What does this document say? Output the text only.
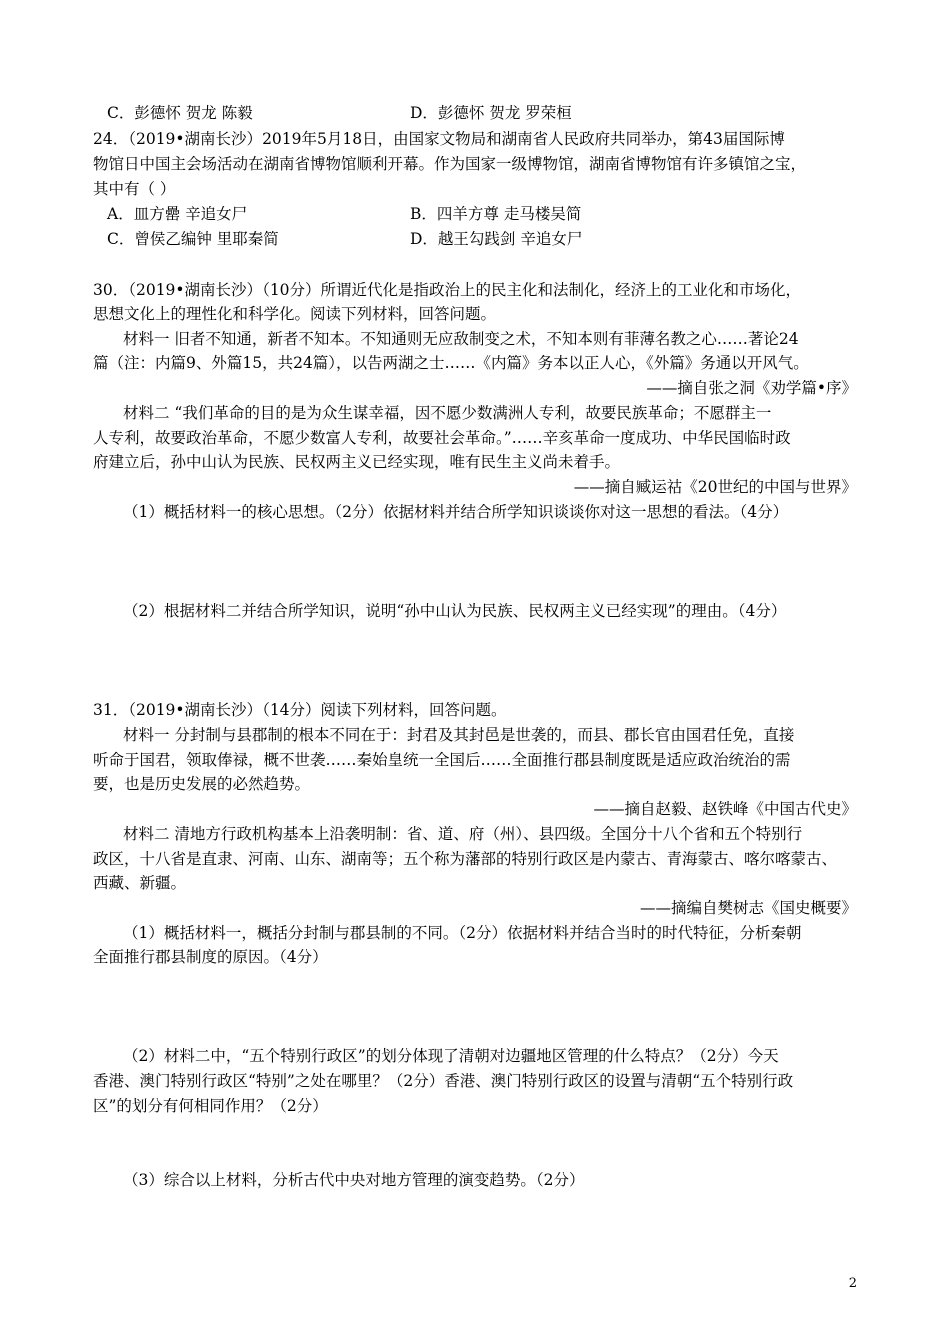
C．彭德怀 贺龙 陈毅	D．彭德怀 贺龙 罗荣桓
24．（2019•湖南长沙）2019年5月18日，由国家文物局和湖南省人民政府共同举办，第43届国际博
物馆日中国主会场活动在湖南省博物馆顺利开幕。作为国家一级博物馆，湖南省博物馆有许多镇馆之宝，
其中有（ ）
A．皿方罍 辛追女尸	B．四羊方尊 走马楼吴简
C．曾侯乙编钟 里耶秦简	D．越王勾践剑 辛追女尸
30．（2019•湖南长沙）（10分）所谓近代化是指政治上的民主化和法制化，经济上的工业化和市场化，
思想文化上的理性化和科学化。阅读下列材料，回答问题。
材料一 旧者不知通，新者不知本。不知通则无应敌制变之术，不知本则有菲薄名教之心……著论24
篇（注：内篇9、外篇15，共24篇），以告两湖之士……《内篇》务本以正人心，《外篇》务通以开风气。
——摘自张之洞《劝学篇•序》
材料二 “我们革命的目的是为众生谋幸福，因不愿少数满洲人专利，故要民族革命；不愿群主一
人专利，故要政治革命，不愿少数富人专利，故要社会革命。”……辛亥革命一度成功、中华民国临时政
府建立后，孙中山认为民族、民权两主义已经实现，唯有民生主义尚未着手。
——摘自臧运祜《20世纪的中国与世界》
（1）概括材料一的核心思想。（2分）依据材料并结合所学知识谈谈你对这一思想的看法。（4分）
（2）根据材料二并结合所学知识，说明“孙中山认为民族、民权两主义已经实现”的理由。（4分）
31．（2019•湖南长沙）（14分）阅读下列材料，回答问题。
材料一 分封制与县郡制的根本不同在于：封君及其封邑是世袭的，而县、郡长官由国君任免，直接
听命于国君，领取俸禄，概不世袭……秦始皇统一全国后……全面推行郡县制度既是适应政治统治的需
要，也是历史发展的必然趋势。
——摘自赵毅、赵铁峰《中国古代史》
材料二 清地方行政机构基本上沿袭明制：省、道、府（州）、县四级。全国分十八个省和五个特别行
政区，十八省是直隶、河南、山东、湖南等；五个称为藩部的特别行政区是内蒙古、青海蒙古、喀尔喀蒙古、
西藏、新疆。
——摘编自樊树志《国史概要》
（1）概括材料一，概括分封制与郡县制的不同。（2分）依据材料并结合当时的时代特征，分析秦朝
全面推行郡县制度的原因。（4分）
（2）材料二中，“五个特别行政区”的划分体现了清朝对边疆地区管理的什么特点？（2分）今天
香港、澳门特别行政区“特别”之处在哪里？（2分）香港、澳门特别行政区的设置与清朝“五个特别行政
区”的划分有何相同作用？（2分）
（3）综合以上材料，分析古代中央对地方管理的演变趋势。（2分）
2
